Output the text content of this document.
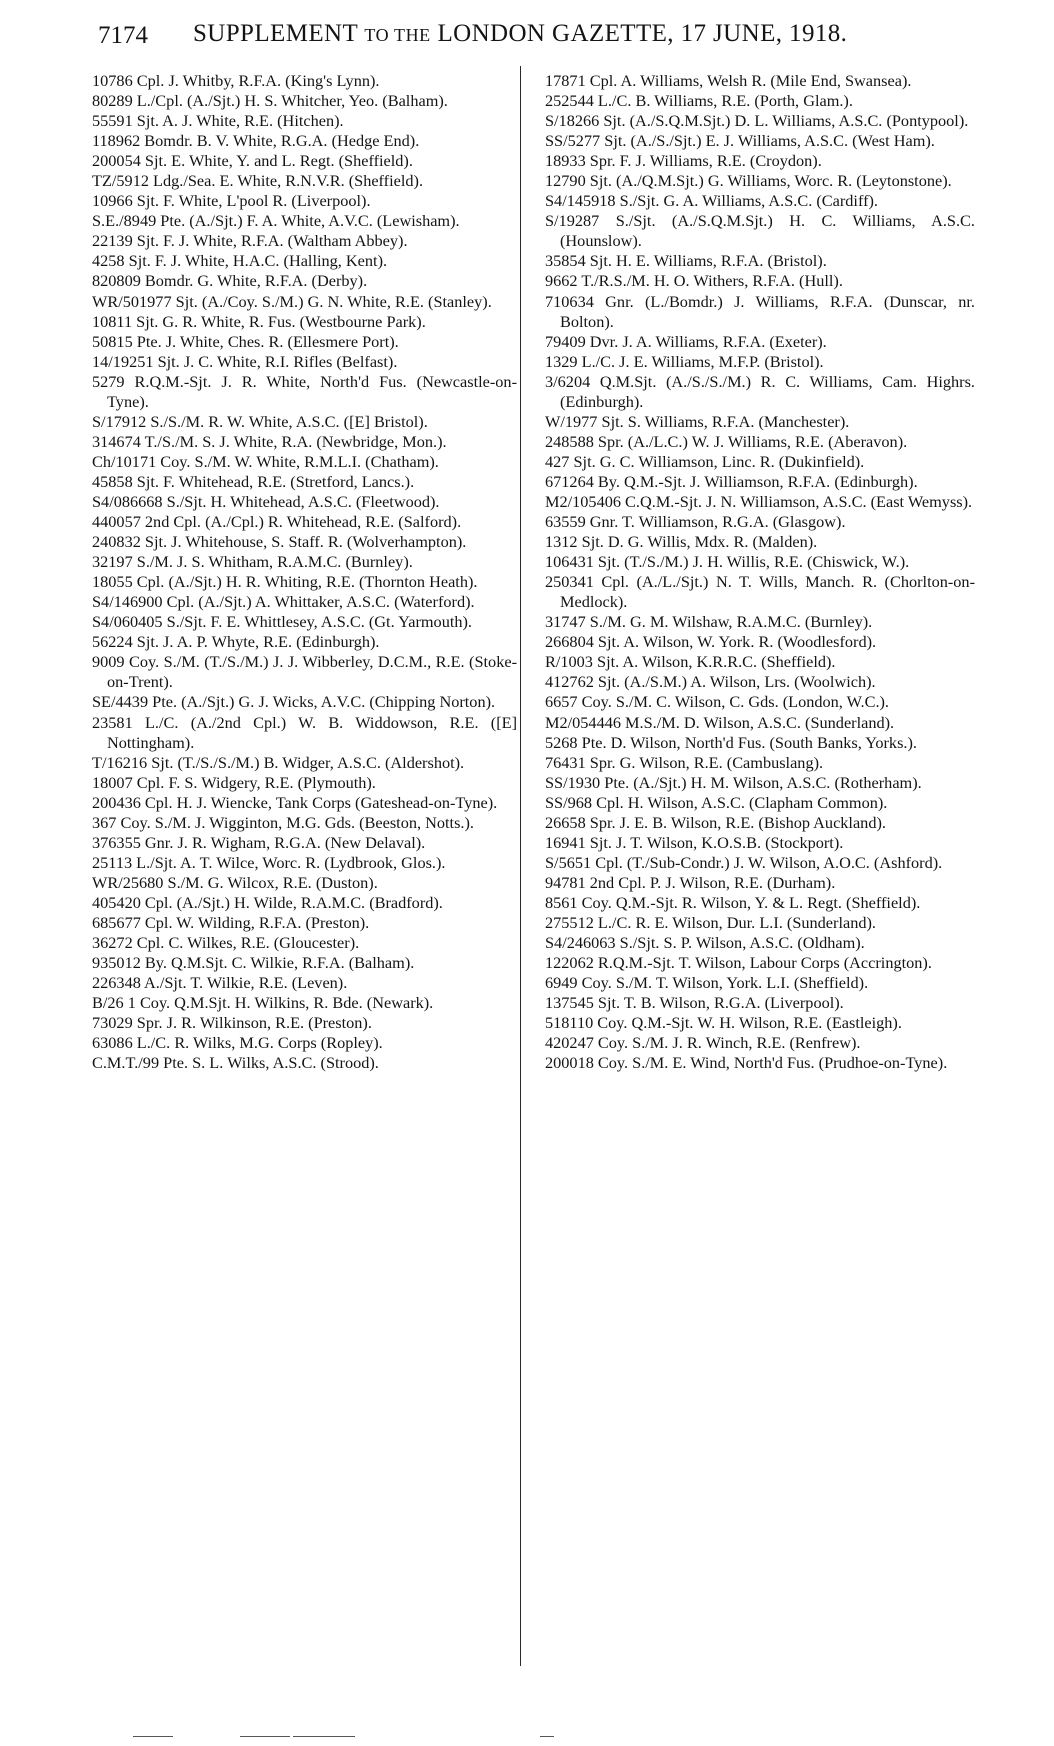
7174 SUPPLEMENT TO THE LONDON GAZETTE, 17 JUNE, 1918.

10786 Cpl. J. Whitby, R.F.A. (King's Lynn).

80289 L./Cpl. (A./Sjt.) H. S. Whitcher, Yeo. (Balham).

55591 Sjt. A. J. White, R.E. (Hitchen).

118962 Bomdr. B. V. White, R.G.A. (Hedge End).

200054 Sjt. E. White, Y. and L. Regt. (Sheffield).

TZ/5912 Ldg./Sea. E. White, R.N.V.R. (Sheffield).

10966 Sjt. F. White, L'pool R. (Liverpool).

S.E./8949 Pte. (A./Sjt.) F. A. White, A.V.C. (Lewisham).

22139 Sjt. F. J. White, R.F.A. (Waltham Abbey).

4258 Sjt. F. J. White, H.A.C. (Halling, Kent).

820809 Bomdr. G. White, R.F.A. (Derby).

WR/501977 Sjt. (A./Coy. S./M.) G. N. White, R.E. (Stanley).

10811 Sjt. G. R. White, R. Fus. (Westbourne Park).

50815 Pte. J. White, Ches. R. (Ellesmere Port).

14/19251 Sjt. J. C. White, R.I. Rifles (Belfast).

5279 R.Q.M.-Sjt. J. R. White, North'd Fus. (Newcastle-on-Tyne).

S/17912 S./S./M. R. W. White, A.S.C. ([E] Bristol).

314674 T./S./M. S. J. White, R.A. (Newbridge, Mon.).

Ch/10171 Coy. S./M. W. White, R.M.L.I. (Chatham).

45858 Sjt. F. Whitehead, R.E. (Stretford, Lancs.).

S4/086668 S./Sjt. H. Whitehead, A.S.C. (Fleetwood).

440057 2nd Cpl. (A./Cpl.) R. Whitehead, R.E. (Salford).

240832 Sjt. J. Whitehouse, S. Staff. R. (Wolverhampton).

32197 S./M. J. S. Whitham, R.A.M.C. (Burnley).

18055 Cpl. (A./Sjt.) H. R. Whiting, R.E. (Thornton Heath).

S4/146900 Cpl. (A./Sjt.) A. Whittaker, A.S.C. (Waterford).

S4/060405 S./Sjt. F. E. Whittlesey, A.S.C. (Gt. Yarmouth).

56224 Sjt. J. A. P. Whyte, R.E. (Edinburgh).

9009 Coy. S./M. (T./S./M.) J. J. Wibberley, D.C.M., R.E. (Stoke-on-Trent).

SE/4439 Pte. (A./Sjt.) G. J. Wicks, A.V.C. (Chipping Norton).

23581 L./C. (A./2nd Cpl.) W. B. Widdowson, R.E. ([E] Nottingham).

T/16216 Sjt. (T./S./S./M.) B. Widger, A.S.C. (Aldershot).

18007 Cpl. F. S. Widgery, R.E. (Plymouth).

200436 Cpl. H. J. Wiencke, Tank Corps (Gateshead-on-Tyne).

367 Coy. S./M. J. Wigginton, M.G. Gds. (Beeston, Notts.).

376355 Gnr. J. R. Wigham, R.G.A. (New Delaval).

25113 L./Sjt. A. T. Wilce, Worc. R. (Lydbrook, Glos.).

WR/25680 S./M. G. Wilcox, R.E. (Duston).

405420 Cpl. (A./Sjt.) H. Wilde, R.A.M.C. (Bradford).

685677 Cpl. W. Wilding, R.F.A. (Preston).

36272 Cpl. C. Wilkes, R.E. (Gloucester).

935012 By. Q.M.Sjt. C. Wilkie, R.F.A. (Balham).

226348 A./Sjt. T. Wilkie, R.E. (Leven).

B/26 1 Coy. Q.M.Sjt. H. Wilkins, R. Bde. (Newark).

73029 Spr. J. R. Wilkinson, R.E. (Preston).

63086 L./C. R. Wilks, M.G. Corps (Ropley).

C.M.T./99 Pte. S. L. Wilks, A.S.C. (Strood).

17871 Cpl. A. Williams, Welsh R. (Mile End, Swansea).

252544 L./C. B. Williams, R.E. (Porth, Glam.).

S/18266 Sjt. (A./S.Q.M.Sjt.) D. L. Williams, A.S.C. (Pontypool).

SS/5277 Sjt. (A./S./Sjt.) E. J. Williams, A.S.C. (West Ham).

18933 Spr. F. J. Williams, R.E. (Croydon).

12790 Sjt. (A./Q.M.Sjt.) G. Williams, Worc. R. (Leytonstone).

S4/145918 S./Sjt. G. A. Williams, A.S.C. (Cardiff).

S/19287 S./Sjt. (A./S.Q.M.Sjt.) H. C. Williams, A.S.C. (Hounslow).

35854 Sjt. H. E. Williams, R.F.A. (Bristol).

9662 T./R.S./M. H. O. Withers, R.F.A. (Hull).

710634 Gnr. (L./Bomdr.) J. Williams, R.F.A. (Dunscar, nr. Bolton).

79409 Dvr. J. A. Williams, R.F.A. (Exeter).

1329 L./C. J. E. Williams, M.F.P. (Bristol).

3/6204 Q.M.Sjt. (A./S./S./M.) R. C. Williams, Cam. Highrs. (Edinburgh).

W/1977 Sjt. S. Williams, R.F.A. (Manchester).

248588 Spr. (A./L.C.) W. J. Williams, R.E. (Aberavon).

427 Sjt. G. C. Williamson, Linc. R. (Dukinfield).

671264 By. Q.M.-Sjt. J. Williamson, R.F.A. (Edinburgh).

M2/105406 C.Q.M.-Sjt. J. N. Williamson, A.S.C. (East Wemyss).

63559 Gnr. T. Williamson, R.G.A. (Glasgow).

1312 Sjt. D. G. Willis, Mdx. R. (Malden).

106431 Sjt. (T./S./M.) J. H. Willis, R.E. (Chiswick, W.).

250341 Cpl. (A./L./Sjt.) N. T. Wills, Manch. R. (Chorlton-on-Medlock).

31747 S./M. G. M. Wilshaw, R.A.M.C. (Burnley).

266804 Sjt. A. Wilson, W. York. R. (Woodlesford).

R/1003 Sjt. A. Wilson, K.R.R.C. (Sheffield).

412762 Sjt. (A./S.M.) A. Wilson, Lrs. (Woolwich).

6657 Coy. S./M. C. Wilson, C. Gds. (London, W.C.).

M2/054446 M.S./M. D. Wilson, A.S.C. (Sunderland).

5268 Pte. D. Wilson, North'd Fus. (South Banks, Yorks.).

76431 Spr. G. Wilson, R.E. (Cambuslang).

SS/1930 Pte. (A./Sjt.) H. M. Wilson, A.S.C. (Rotherham).

SS/968 Cpl. H. Wilson, A.S.C. (Clapham Common).

26658 Spr. J. E. B. Wilson, R.E. (Bishop Auckland).

16941 Sjt. J. T. Wilson, K.O.S.B. (Stockport).

S/5651 Cpl. (T./Sub-Condr.) J. W. Wilson, A.O.C. (Ashford).

94781 2nd Cpl. P. J. Wilson, R.E. (Durham).

8561 Coy. Q.M.-Sjt. R. Wilson, Y. & L. Regt. (Sheffield).

275512 L./C. R. E. Wilson, Dur. L.I. (Sunderland).

S4/246063 S./Sjt. S. P. Wilson, A.S.C. (Oldham).

122062 R.Q.M.-Sjt. T. Wilson, Labour Corps (Accrington).

6949 Coy. S./M. T. Wilson, York. L.I. (Sheffield).

137545 Sjt. T. B. Wilson, R.G.A. (Liverpool).

518110 Coy. Q.M.-Sjt. W. H. Wilson, R.E. (Eastleigh).

420247 Coy. S./M. J. R. Winch, R.E. (Renfrew).

200018 Coy. S./M. E. Wind, North'd Fus. (Prudhoe-on-Tyne).
